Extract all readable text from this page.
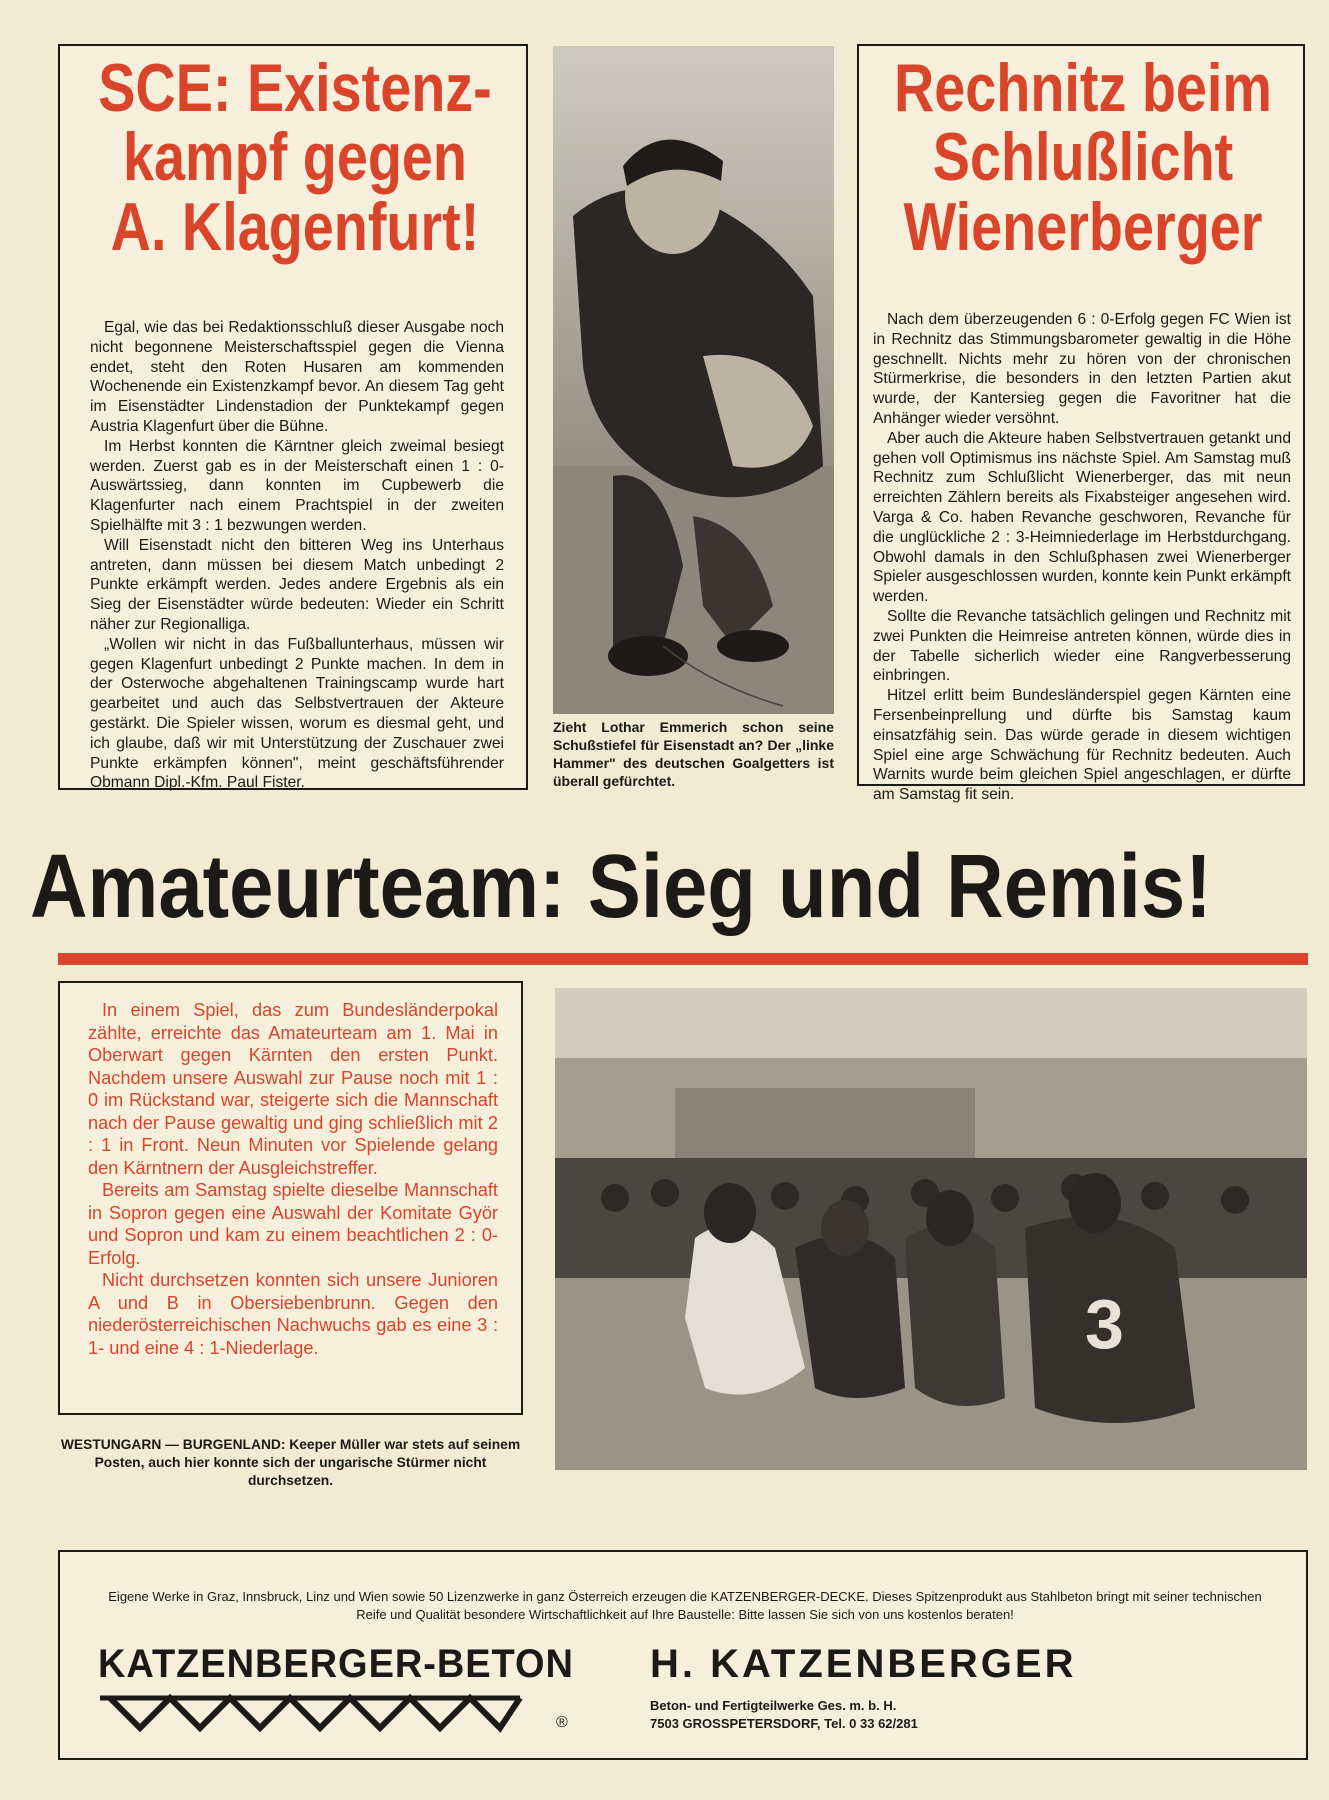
SCE: Existenz-
kampf gegen
A. Klagenfurt!

Egal, wie das bei Redaktionsschluß dieser Ausgabe noch nicht begonnene Meisterschaftsspiel gegen die Vienna endet, steht den Roten Husaren am kommenden Wochenende ein Existenzkampf bevor. An diesem Tag geht im Eisenstädter Lindenstadion der Punktekampf gegen Austria Klagenfurt über die Bühne.

Im Herbst konnten die Kärntner gleich zweimal besiegt werden. Zuerst gab es in der Meisterschaft einen 1 : 0-Auswärtssieg, dann konnten im Cupbewerb die Klagenfurter nach einem Prachtspiel in der zweiten Spielhälfte mit 3 : 1 bezwungen werden.

Will Eisenstadt nicht den bitteren Weg ins Unterhaus antreten, dann müssen bei diesem Match unbedingt 2 Punkte erkämpft werden. Jedes andere Ergebnis als ein Sieg der Eisenstädter würde bedeuten: Wieder ein Schritt näher zur Regionalliga.

„Wollen wir nicht in das Fußballunterhaus, müssen wir gegen Klagenfurt unbedingt 2 Punkte machen. In dem in der Osterwoche abgehaltenen Trainingscamp wurde hart gearbeitet und auch das Selbstvertrauen der Akteure gestärkt. Die Spieler wissen, worum es diesmal geht, und ich glaube, daß wir mit Unterstützung der Zuschauer zwei Punkte erkämpfen können", meint geschäftsführender Obmann Dipl.-Kfm. Paul Fister.

Zieht Lothar Emmerich schon seine Schußstiefel für Eisenstadt an? Der „linke Hammer" des deutschen Goalgetters ist überall gefürchtet.
Rechnitz beim
Schlußlicht
Wienerberger

Nach dem überzeugenden 6 : 0-Erfolg gegen FC Wien ist in Rechnitz das Stimmungsbarometer gewaltig in die Höhe geschnellt. Nichts mehr zu hören von der chronischen Stürmerkrise, die besonders in den letzten Partien akut wurde, der Kantersieg gegen die Favoritner hat die Anhänger wieder versöhnt.

Aber auch die Akteure haben Selbstvertrauen getankt und gehen voll Optimismus ins nächste Spiel. Am Samstag muß Rechnitz zum Schlußlicht Wienerberger, das mit neun erreichten Zählern bereits als Fixabsteiger angesehen wird. Varga & Co. haben Revanche geschworen, Revanche für die unglückliche 2 : 3-Heimniederlage im Herbstdurchgang. Obwohl damals in den Schlußphasen zwei Wienerberger Spieler ausgeschlossen wurden, konnte kein Punkt erkämpft werden.

Sollte die Revanche tatsächlich gelingen und Rechnitz mit zwei Punkten die Heimreise antreten können, würde dies in der Tabelle sicherlich wieder eine Rangverbesserung einbringen.

Hitzel erlitt beim Bundesländerspiel gegen Kärnten eine Fersenbeinprellung und dürfte bis Samstag kaum einsatzfähig sein. Das würde gerade in diesem wichtigen Spiel eine arge Schwächung für Rechnitz bedeuten. Auch Warnits wurde beim gleichen Spiel angeschlagen, er dürfte am Samstag fit sein.

Amateurteam: Sieg und Remis!

In einem Spiel, das zum Bundesländerpokal zählte, erreichte das Amateurteam am 1. Mai in Oberwart gegen Kärnten den ersten Punkt. Nachdem unsere Auswahl zur Pause noch mit 1 : 0 im Rückstand war, steigerte sich die Mannschaft nach der Pause gewaltig und ging schließlich mit 2 : 1 in Front. Neun Minuten vor Spielende gelang den Kärntnern der Ausgleichstreffer.

Bereits am Samstag spielte dieselbe Mannschaft in Sopron gegen eine Auswahl der Komitate Györ und Sopron und kam zu einem beachtlichen 2 : 0-Erfolg.

Nicht durchsetzen konnten sich unsere Junioren A und B in Obersiebenbrunn. Gegen den niederösterreichischen Nachwuchs gab es eine 3 : 1- und eine 4 : 1-Niederlage.	3
WESTUNGARN — BURGENLAND: Keeper Müller war stets auf seinem Posten, auch hier konnte sich der ungarische Stürmer nicht durchsetzen.
Eigene Werke in Graz, Innsbruck, Linz und Wien sowie 50 Lizenzwerke in ganz Österreich erzeugen die KATZENBERGER-DECKE. Dieses Spitzenprodukt aus Stahlbeton bringt mit seiner technischen Reife und Qualität besondere Wirtschaftlichkeit auf Ihre Baustelle: Bitte lassen Sie sich von uns kostenlos beraten!
KATZENBERGER-BETON
®
H. KATZENBERGER
Beton- und Fertigteilwerke Ges. m. b. H.
7503 GROSSPETERSDORF, Tel. 0 33 62/281
